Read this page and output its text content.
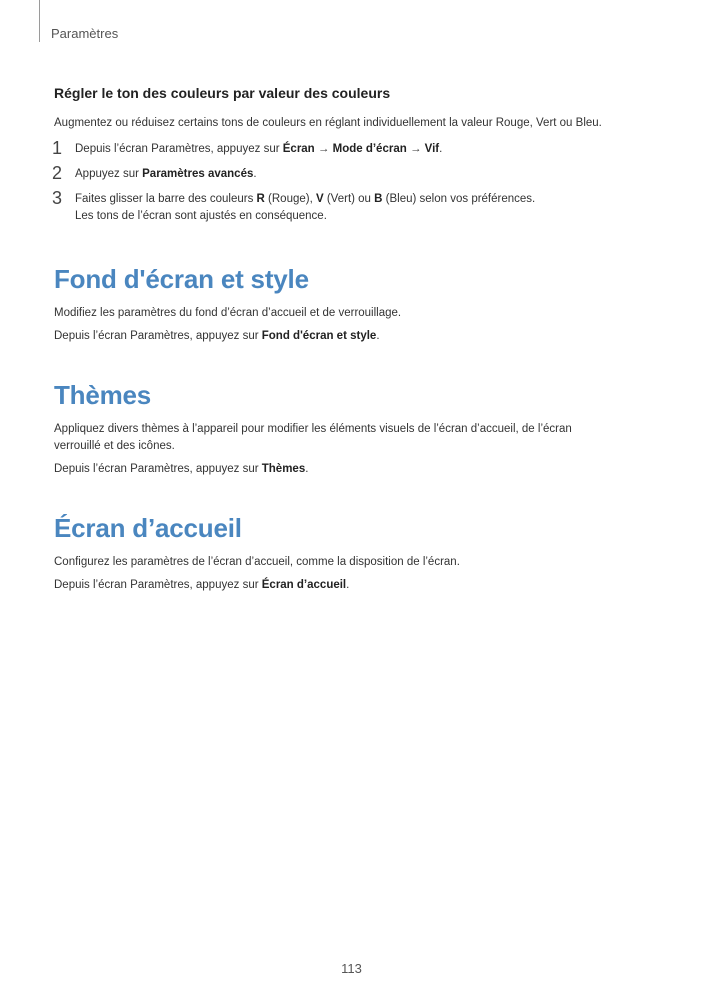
Paramètres
Régler le ton des couleurs par valeur des couleurs

Augmentez ou réduisez certains tons de couleurs en réglant individuellement la valeur Rouge, Vert ou Bleu.

1 Depuis l’écran Paramètres, appuyez sur Écran → Mode d’écran → Vif.
2 Appuyez sur Paramètres avancés.
3 Faites glisser la barre des couleurs R (Rouge), V (Vert) ou B (Bleu) selon vos préférences.
Les tons de l’écran sont ajustés en conséquence.
Fond d'écran et style

Modifiez les paramètres du fond d’écran d’accueil et de verrouillage.

Depuis l’écran Paramètres, appuyez sur Fond d'écran et style.

Thèmes

Appliquez divers thèmes à l’appareil pour modifier les éléments visuels de l’écran d’accueil, de l’écran
verrouillé et des icônes.

Depuis l’écran Paramètres, appuyez sur Thèmes.

Écran d’accueil

Configurez les paramètres de l’écran d’accueil, comme la disposition de l’écran.

Depuis l’écran Paramètres, appuyez sur Écran d’accueil.

113
